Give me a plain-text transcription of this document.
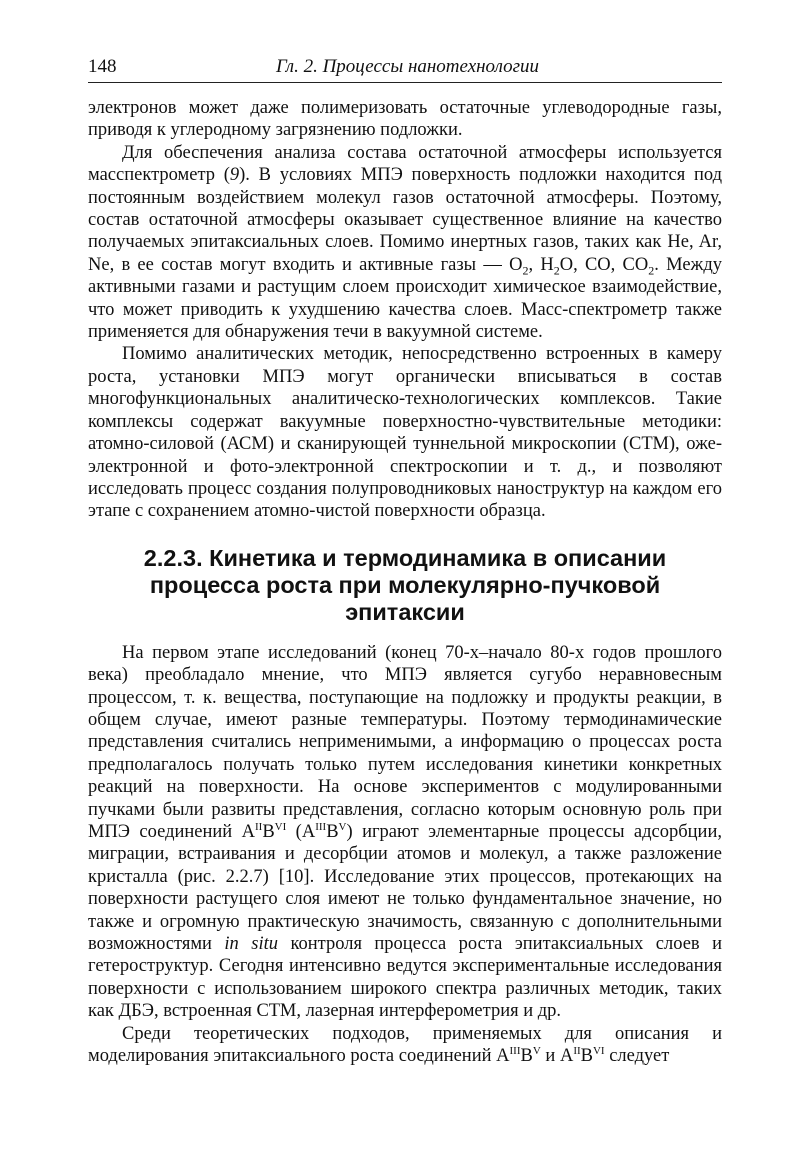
148	Гл. 2. Процессы нанотехнологии

электронов может даже полимеризовать остаточные углеводородные газы, приводя к углеродному загрязнению подложки.

Для обеспечения анализа состава остаточной атмосферы используется масспектрометр (9). В условиях МПЭ поверхность подложки находится под постоянным воздействием молекул газов остаточной атмосферы. Поэтому, состав остаточной атмосферы оказывает существенное влияние на качество получаемых эпитаксиальных слоев. Помимо инертных газов, таких как He, Ar, Ne, в ее состав могут входить и активные газы — $O_2$, $H_2O$, CO, $CO_2$. Между активными газами и растущим слоем происходит химическое взаимодействие, что может приводить к ухудшению качества слоев. Масс-спектрометр также применяется для обнаружения течи в вакуумной системе.

Помимо аналитических методик, непосредственно встроенных в камеру роста, установки МПЭ могут органически вписываться в состав многофункциональных аналитическо-технологических комплексов. Такие комплексы содержат вакуумные поверхностно-чувствительные методики: атомно-силовой (АСМ) и сканирующей туннельной микроскопии (СТМ), оже-электронной и фото-электронной спектроскопии и т. д., и позволяют исследовать процесс создания полупроводниковых наноструктур на каждом его этапе с сохранением атомно-чистой поверхности образца.

2.2.3. Кинетика и термодинамика в описании
процесса роста при молекулярно-пучковой эпитаксии

На первом этапе исследований (конец 70-х–начало 80-х годов прошлого века) преобладало мнение, что МПЭ является сугубо неравновесным процессом, т. к. вещества, поступающие на подложку и продукты реакции, в общем случае, имеют разные температуры. Поэтому термодинамические представления считались неприменимыми, а информацию о процессах роста предполагалось получать только путем исследования кинетики конкретных реакций на поверхности. На основе экспериментов с модулированными пучками были развиты представления, согласно которым основную роль при МПЭ соединений $A^{II}B^{VI}$ $(A^{III}B^V)$ играют элементарные процессы адсорбции, миграции, встраивания и десорбции атомов и молекул, а также разложение кристалла (рис. 2.2.7) [10]. Исследование этих процессов, протекающих на поверхности растущего слоя имеют не только фундаментальное значение, но также и огромную практическую значимость, связанную с дополнительными возможностями in situ контроля процесса роста эпитаксиальных слоев и гетероструктур. Сегодня интенсивно ведутся экспериментальные исследования поверхности с использованием широкого спектра различных методик, таких как ДБЭ, встроенная СТМ, лазерная интерферометрия и др.

Среди теоретических подходов, применяемых для описания и моделирования эпитаксиального роста соединений $A^{III}B^V$ и $A^{II}B^{VI}$ следует
